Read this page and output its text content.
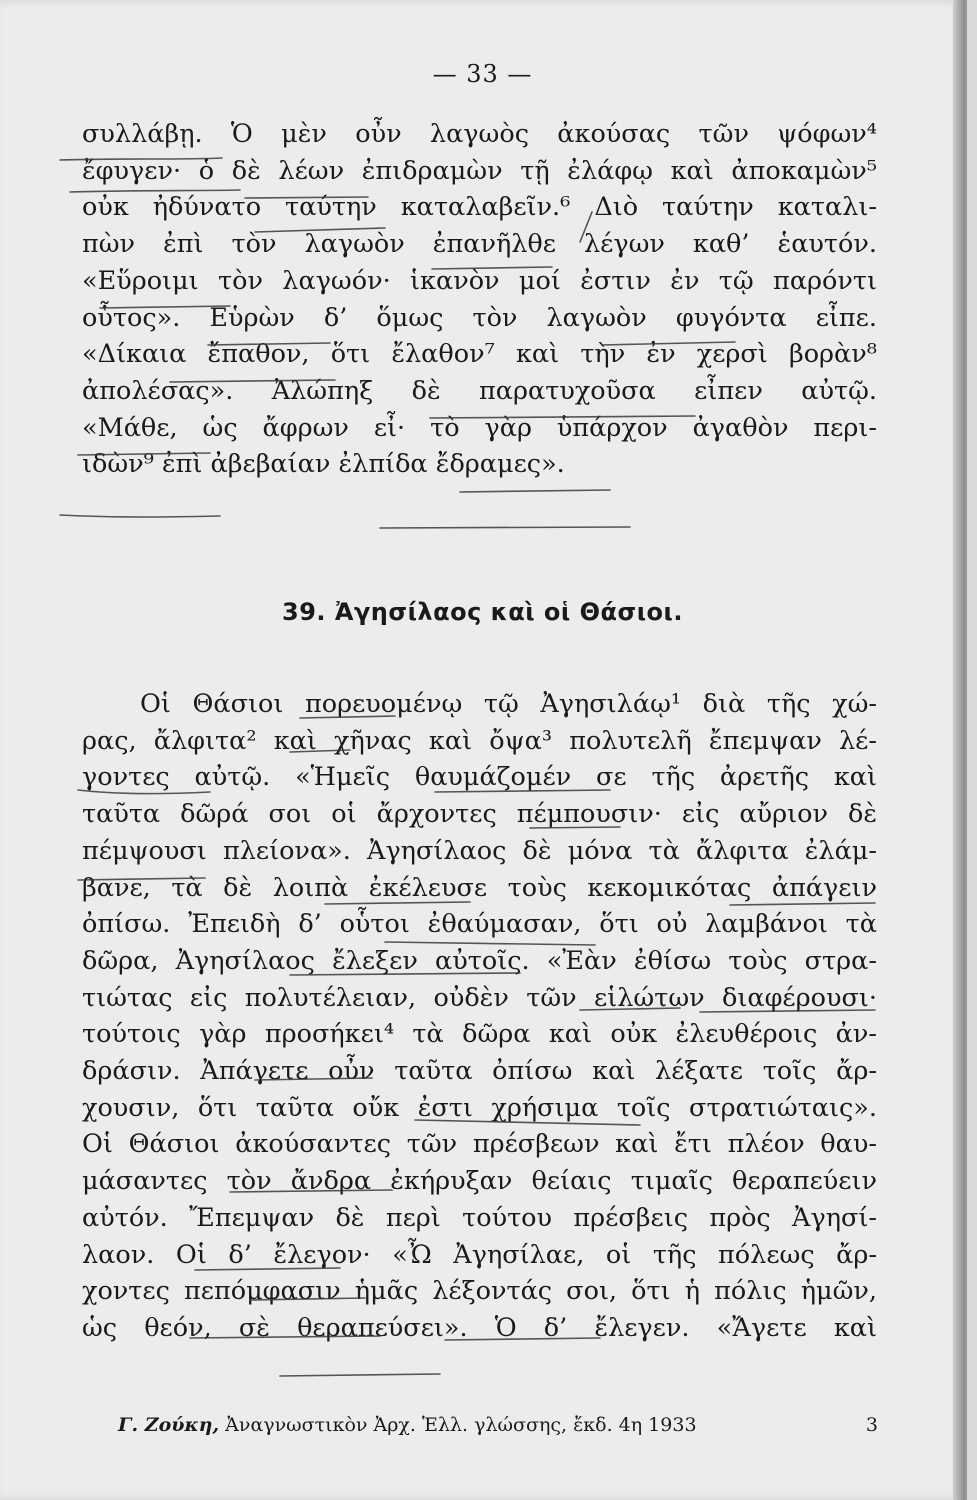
— 33 —
συλλάβῃ. Ὁ μὲν οὖν λαγωὸς ἀκούσας τῶν ψόφων⁴
ἔφυγεν· ὁ δὲ λέων ἐπιδραμὼν τῇ ἐλάφῳ καὶ ἀποκαμὼν⁵
οὐκ ἠδύνατο ταύτην καταλαβεῖν.⁶ Διὸ ταύτην καταλι-
πὼν ἐπὶ τὸν λαγωὸν ἐπανῆλθε λέγων καθ’ ἑαυτόν.
«Εὕροιμι τὸν λαγωόν· ἱκανὸν μοί ἐστιν ἐν τῷ παρόντι
οὗτος». Εὑρὼν δ’ ὅμως τὸν λαγωὸν φυγόντα εἶπε.
«Δίκαια ἔπαθον, ὅτι ἔλαθον⁷ καὶ τὴν ἐν χερσὶ βορὰν⁸
ἀπολέσας». Ἀλώπηξ δὲ παρατυχοῦσα εἶπεν αὐτῷ.
«Μάθε, ὡς ἄφρων εἶ· τὸ γὰρ ὑπάρχον ἀγαθὸν περι-
ιδὼν⁹ ἐπὶ ἀβεβαίαν ἐλπίδα ἔδραμες».
39. Ἀγησίλαος καὶ οἱ Θάσιοι.
Οἱ Θάσιοι πορευομένῳ τῷ Ἀγησιλάῳ¹ διὰ τῆς χώ-
ρας, ἄλφιτα² καὶ χῆνας καὶ ὄψα³ πολυτελῆ ἔπεμψαν λέ-
γοντες αὐτῷ. «Ἡμεῖς θαυμάζομέν σε τῆς ἀρετῆς καὶ
ταῦτα δῶρά σοι οἱ ἄρχοντες πέμπουσιν· εἰς αὔριον δὲ
πέμψουσι πλείονα». Ἀγησίλαος δὲ μόνα τὰ ἄλφιτα ἐλάμ-
βανε, τὰ δὲ λοιπὰ ἐκέλευσε τοὺς κεκομικότας ἀπάγειν
ὀπίσω. Ἐπειδὴ δ’ οὗτοι ἐθαύμασαν, ὅτι οὐ λαμβάνοι τὰ
δῶρα, Ἀγησίλαος ἔλεξεν αὐτοῖς. «Ἐὰν ἐθίσω τοὺς στρα-
τιώτας εἰς πολυτέλειαν, οὐδὲν τῶν εἱλώτων διαφέρουσι·
τούτοις γὰρ προσήκει⁴ τὰ δῶρα καὶ οὐκ ἐλευθέροις ἀν-
δράσιν. Ἀπάγετε οὖν ταῦτα ὀπίσω καὶ λέξατε τοῖς ἄρ-
χουσιν, ὅτι ταῦτα οὔκ ἐστι χρήσιμα τοῖς στρατιώταις».
Οἱ Θάσιοι ἀκούσαντες τῶν πρέσβεων καὶ ἔτι πλέον θαυ-
μάσαντες τὸν ἄνδρα ἐκήρυξαν θείαις τιμαῖς θεραπεύειν
αὐτόν. Ἔπεμψαν δὲ περὶ τούτου πρέσβεις πρὸς Ἀγησί-
λαον. Οἱ δ’ ἔλεγον· «Ὦ Ἀγησίλαε, οἱ τῆς πόλεως ἄρ-
χοντες πεπόμφασιν ἡμᾶς λέξοντάς σοι, ὅτι ἡ πόλις ἡμῶν,
ὡς θεόν, σὲ θεραπεύσει». Ὁ δ’ ἔλεγεν. «Ἄγετε καὶ
Γ. Ζούκη, Ἀναγνωστικὸν Ἀρχ. Ἑλλ. γλώσσης, ἔκδ. 4η 1933	3
